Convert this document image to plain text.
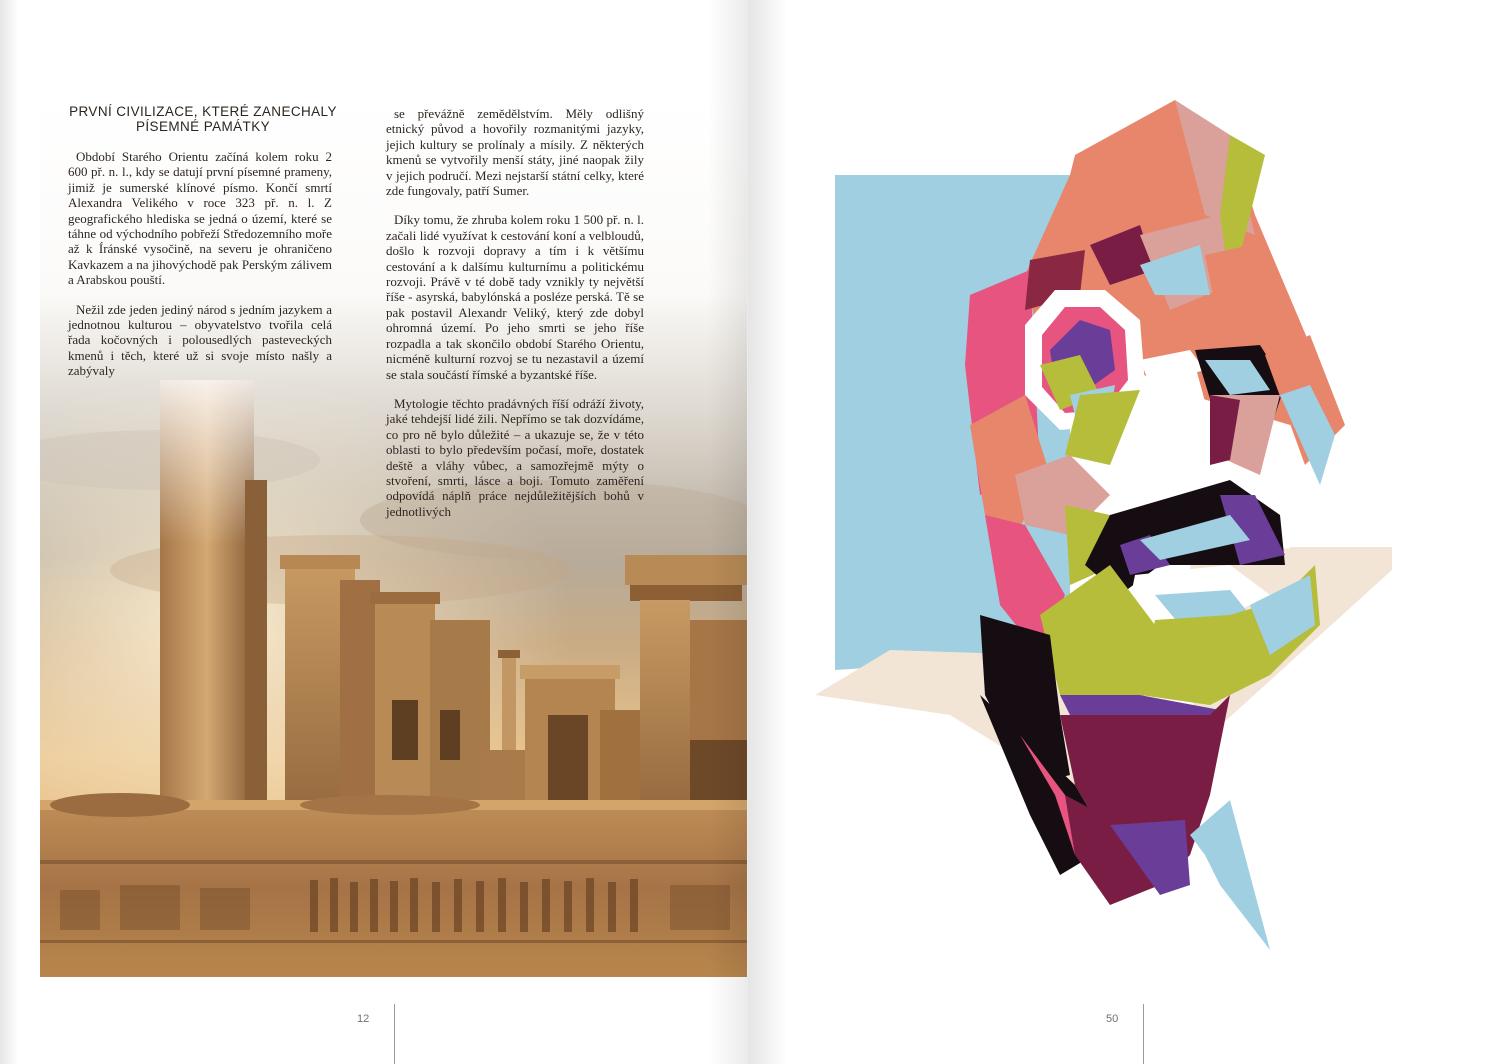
PRVNÍ CIVILIZACE, KTERÉ ZANECHALY PÍSEMNÉ PAMÁTKY

Období Starého Orientu začíná kolem roku 2 600 př. n. l., kdy se datují první písemné prameny, jimiž je sumerské klínové písmo. Končí smrtí Alexandra Velikého v roce 323 př. n. l. Z geografického hlediska se jedná o území, které se táhne od východního pobřeží Středozemního moře až k Íránské vysočině, na severu je ohraničeno Kavkazem a na jihovýchodě pak Perským zálivem a Arabskou pouští.

Nežil zde jeden jediný národ s jedním jazykem a jednotnou kulturou – obyvatelstvo tvořila celá řada kočovných i polousedlých pasteveckých kmenů i těch, které už si svoje místo našly a zabývaly

se převážně zemědělstvím. Měly odlišný etnický původ a hovořily rozmanitými jazyky, jejich kultury se prolínaly a mísily. Z některých kmenů se vytvořily menší státy, jiné naopak žily v jejich područí. Mezi nejstarší státní celky, které zde fungovaly, patří Sumer.

Díky tomu, že zhruba kolem roku 1 500 př. n. l. začali lidé využívat k cestování koní a velbloudů, došlo k rozvoji dopravy a tím i k většímu cestování a k dalšímu kulturnímu a politickému rozvoji. Právě v té době tady vznikly ty největší říše - asyrská, babylónská a posléze perská. Tě se pak postavil Alexandr Veliký, který zde dobyl ohromná území. Po jeho smrti se jeho říše rozpadla a tak skončilo období Starého Orientu, nicméně kulturní rozvoj se tu nezastavil a území se stala součástí římské a byzantské říše.

Mytologie těchto pradávných říší odráží životy, jaké tehdejší lidé žili. Nepřímo se tak dozvídáme, co pro ně bylo důležité – a ukazuje se, že v této oblasti to bylo především počasí, moře, dostatek deště a vláhy vůbec, a samozřejmě mýty o stvoření, smrti, lásce a boji. Tomuto zaměření odpovídá náplň práce nejdůležitějších bohů v jednotlivých

12	50
